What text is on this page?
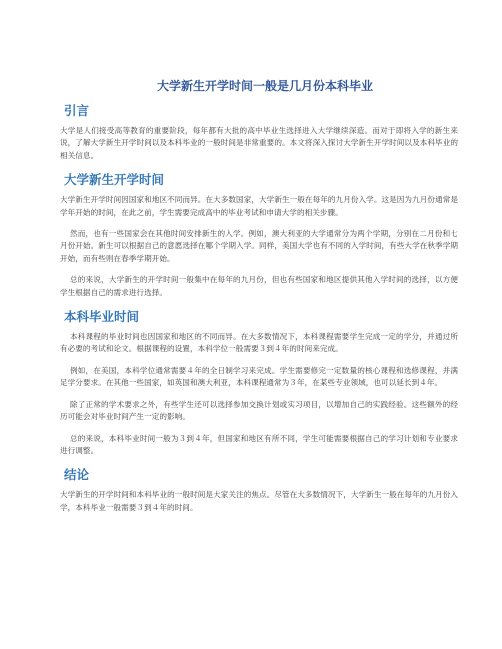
大学新生开学时间一般是几月份本科毕业
引言

大学是人们接受高等教育的重要阶段，每年都有大批的高中毕业生选择进入大学继续深造。而对于即将入学的新生来说，了解大学新生开学时间以及本科毕业的一般时间是非常重要的。本文将深入探讨大学新生开学时间以及本科毕业的相关信息。

大学新生开学时间

大学新生开学时间因国家和地区不同而异。在大多数国家，大学新生一般在每年的九月份入学。这是因为九月份通常是学年开始的时间，在此之前，学生需要完成高中的毕业考试和申请大学的相关步骤。

然而，也有一些国家会在其他时间安排新生的入学。例如，澳大利亚的大学通常分为两个学期，分别在二月份和七月份开始。新生可以根据自己的意愿选择在哪个学期入学。同样，美国大学也有不同的入学时间，有些大学在秋季学期开始，而有些则在春季学期开始。

总的来说，大学新生的开学时间一般集中在每年的九月份，但也有些国家和地区提供其他入学时间的选择，以方便学生根据自己的需求进行选择。

本科毕业时间

本科课程的毕业时间也因国家和地区的不同而异。在大多数情况下，本科课程需要学生完成一定的学分，并通过所有必要的考试和论文。根据课程的设置，本科学位一般需要３到４年的时间来完成。

例如，在美国，本科学位通常需要４年的全日制学习来完成。学生需要修完一定数量的核心课程和选修课程，并满足学分要求。在其他一些国家，如英国和澳大利亚，本科课程通常为３年，在某些专业领域，也可以延长到４年。

除了正常的学术要求之外，有些学生还可以选择参加交换计划或实习项目，以增加自己的实践经验。这些额外的经历可能会对毕业时间产生一定的影响。

总的来说，本科毕业时间一般为３到４年，但国家和地区有所不同，学生可能需要根据自己的学习计划和专业要求进行调整。

结论

大学新生的开学时间和本科毕业的一般时间是大家关注的焦点。尽管在大多数情况下，大学新生一般在每年的九月份入学，本科毕业一般需要３到４年的时间。
